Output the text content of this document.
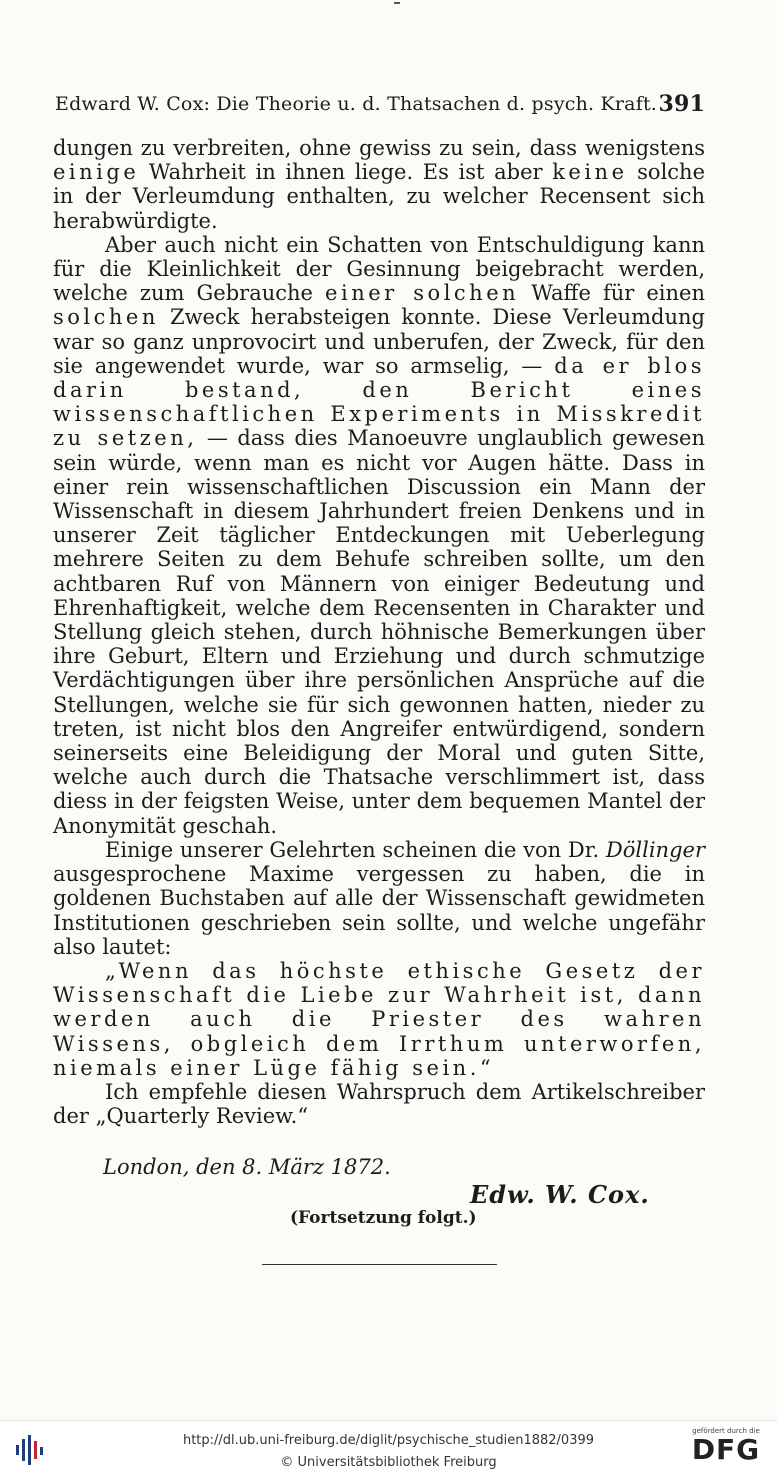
Edward W. Cox: Die Theorie u. d. Thatsachen d. psych. Kraft. 391

dungen zu verbreiten, ohne gewiss zu sein, dass wenigstens einige Wahrheit in ihnen liege. Es ist aber keine solche in der Verleumdung enthalten, zu welcher Recensent sich herabwürdigte.

Aber auch nicht ein Schatten von Entschuldigung kann für die Kleinlichkeit der Gesinnung beigebracht werden, welche zum Gebrauche einer solchen Waffe für einen solchen Zweck herabsteigen konnte. Diese Verleumdung war so ganz unprovocirt und unberufen, der Zweck, für den sie angewendet wurde, war so armselig, — da er blos darin bestand, den Bericht eines wissenschaftlichen Experiments in Misskredit zu setzen, — dass dies Manoeuvre unglaublich gewesen sein würde, wenn man es nicht vor Augen hätte. Dass in einer rein wissenschaftlichen Discussion ein Mann der Wissenschaft in diesem Jahrhundert freien Denkens und in unserer Zeit täglicher Entdeckungen mit Ueberlegung mehrere Seiten zu dem Behufe schreiben sollte, um den achtbaren Ruf von Männern von einiger Bedeutung und Ehrenhaftigkeit, welche dem Recensenten in Charakter und Stellung gleich stehen, durch höhnische Bemerkungen über ihre Geburt, Eltern und Erziehung und durch schmutzige Verdächtigungen über ihre persönlichen Ansprüche auf die Stellungen, welche sie für sich gewonnen hatten, nieder zu treten, ist nicht blos den Angreifer entwürdigend, sondern seinerseits eine Beleidigung der Moral und guten Sitte, welche auch durch die Thatsache verschlimmert ist, dass diess in der feigsten Weise, unter dem bequemen Mantel der Anonymität geschah.

Einige unserer Gelehrten scheinen die von Dr. Döllinger ausgesprochene Maxime vergessen zu haben, die in goldenen Buchstaben auf alle der Wissenschaft gewidmeten Institutionen geschrieben sein sollte, und welche ungefähr also lautet:

„Wenn das höchste ethische Gesetz der Wissenschaft die Liebe zur Wahrheit ist, dann werden auch die Priester des wahren Wissens, obgleich dem Irrthum unterworfen, niemals einer Lüge fähig sein.“

Ich empfehle diesen Wahrspruch dem Artikelschreiber der „Quarterly Review.“

London, den 8. März 1872.
Edw. W. Cox.
(Fortsetzung folgt.)
http://dl.ub.uni-freiburg.de/diglit/psychische_studien1882/0399
© Universitätsbibliothek Freiburg
gefördert durch die
DFG
